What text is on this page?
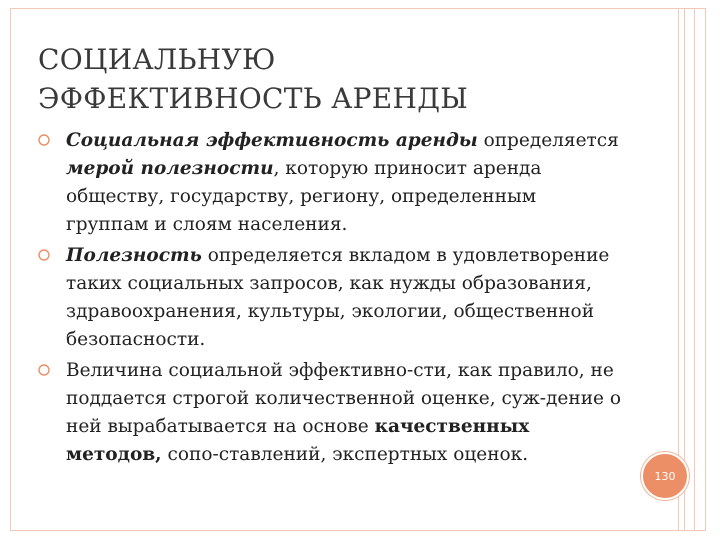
СОЦИАЛЬНУЮ
ЭФФЕКТИВНОСТЬ АРЕНДЫ
Социальная эффективность аренды определяется мерой полезности, которую приносит аренда обществу, государству, региону, определенным группам и слоям населения.
Полезность определяется вкладом в удовлетворение таких социальных запросов, как нужды образования, здравоохранения, культуры, экологии, общественной безопасности.
Величина социальной эффективно-сти, как правило, не поддается строгой количественной оценке, суж-дение о ней вырабатывается на основе качественных методов, сопо-ставлений, экспертных оценок.
130
